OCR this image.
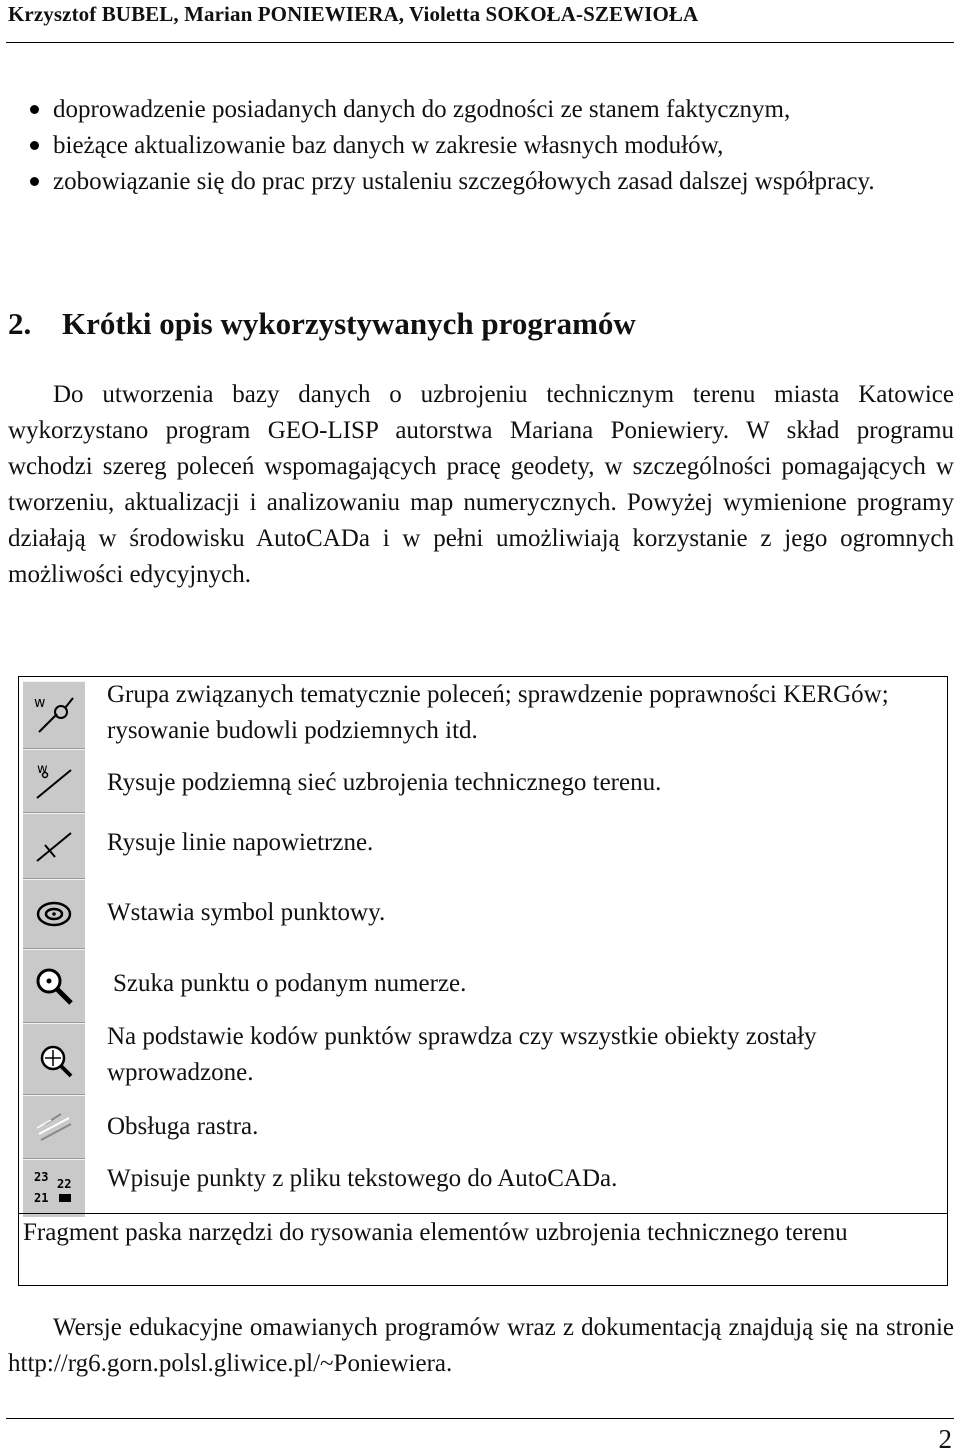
Krzysztof BUBEL, Marian PONIEWIERA, Violetta SOKOŁA-SZEWIOŁA
doprowadzenie posiadanych danych do zgodności ze stanem faktycznym,
bieżące aktualizowanie baz danych w zakresie własnych modułów,
zobowiązanie się do prac przy ustaleniu szczegółowych zasad dalszej współpracy.
2. Krótki opis wykorzystywanych programów
Do utworzenia bazy danych o uzbrojeniu technicznym terenu miasta Katowice wykorzystano program GEO-LISP autorstwa Mariana Poniewiery. W skład programu wchodzi szereg poleceń wspomagających pracę geodety, w szczególności pomagających w tworzeniu, aktualizacji i analizowaniu map numerycznych. Powyżej wymienione programy działają w środowisku AutoCADa i w pełni umożliwiają korzystanie z jego ogromnych możliwości edycyjnych.
w
w
23 22
21
Grupa związanych tematycznie poleceń; sprawdzenie poprawności KERGów; rysowanie budowli podziemnych itd.
Rysuje podziemną sieć uzbrojenia technicznego terenu.
Rysuje linie napowietrzne.
Wstawia symbol punktowy.
Szuka punktu o podanym numerze.
Na podstawie kodów punktów sprawdza czy wszystkie obiekty zostały wprowadzone.
Obsługa rastra.
Wpisuje punkty z pliku tekstowego do AutoCADa.
Fragment paska narzędzi do rysowania elementów uzbrojenia technicznego terenu
Wersje edukacyjne omawianych programów wraz z dokumentacją znajdują się na stronie http://rg6.gorn.polsl.gliwice.pl/~Poniewiera.
2
